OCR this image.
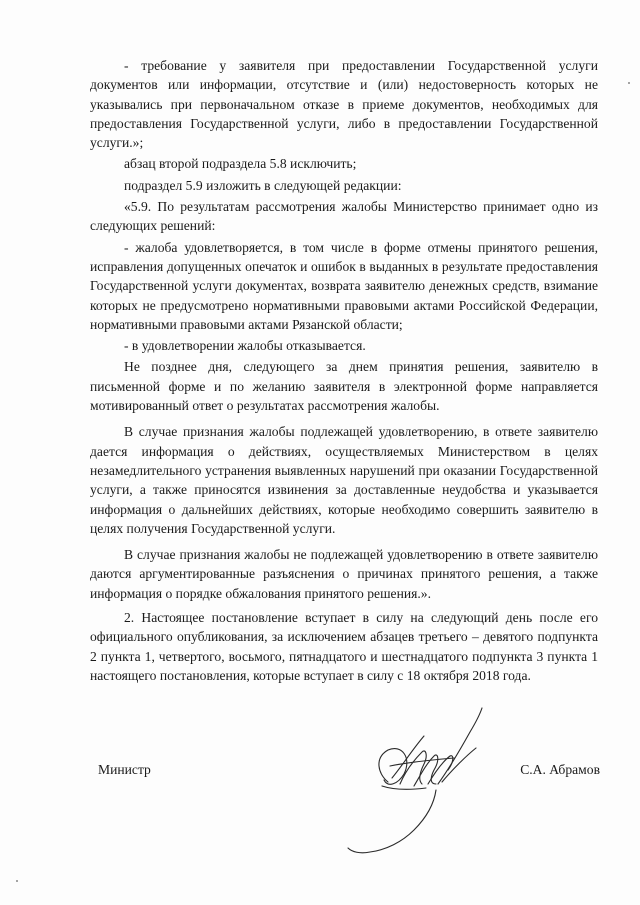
- требование у заявителя при предоставлении Государственной услуги документов или информации, отсутствие и (или) недостоверность которых не указывались при первоначальном отказе в приеме документов, необходимых для предоставления Государственной услуги, либо в предоставлении Государственной услуги.»;

абзац второй подраздела 5.8 исключить;

подраздел 5.9 изложить в следующей редакции:

«5.9. По результатам рассмотрения жалобы Министерство принимает одно из следующих решений:

- жалоба удовлетворяется, в том числе в форме отмены принятого решения, исправления допущенных опечаток и ошибок в выданных в результате предоставления Государственной услуги документах, возврата заявителю денежных средств, взимание которых не предусмотрено нормативными правовыми актами Российской Федерации, нормативными правовыми актами Рязанской области;

- в удовлетворении жалобы отказывается.

Не позднее дня, следующего за днем принятия решения, заявителю в письменной форме и по желанию заявителя в электронной форме направляется мотивированный ответ о результатах рассмотрения жалобы.

В случае признания жалобы подлежащей удовлетворению, в ответе заявителю дается информация о действиях, осуществляемых Министерством в целях незамедлительного устранения выявленных нарушений при оказании Государственной услуги, а также приносятся извинения за доставленные неудобства и указывается информация о дальнейших действиях, которые необходимо совершить заявителю в целях получения Государственной услуги.

В случае признания жалобы не подлежащей удовлетворению в ответе заявителю даются аргументированные разъяснения о причинах принятого решения, а также информация о порядке обжалования принятого решения.».

2. Настоящее постановление вступает в силу на следующий день после его официального опубликования, за исключением абзацев третьего – девятого подпункта 2 пункта 1, четвертого, восьмого, пятнадцатого и шестнадцатого подпункта 3 пункта 1 настоящего постановления, которые вступает в силу с 18 октября 2018 года.

Министр	С.А. Абрамов
